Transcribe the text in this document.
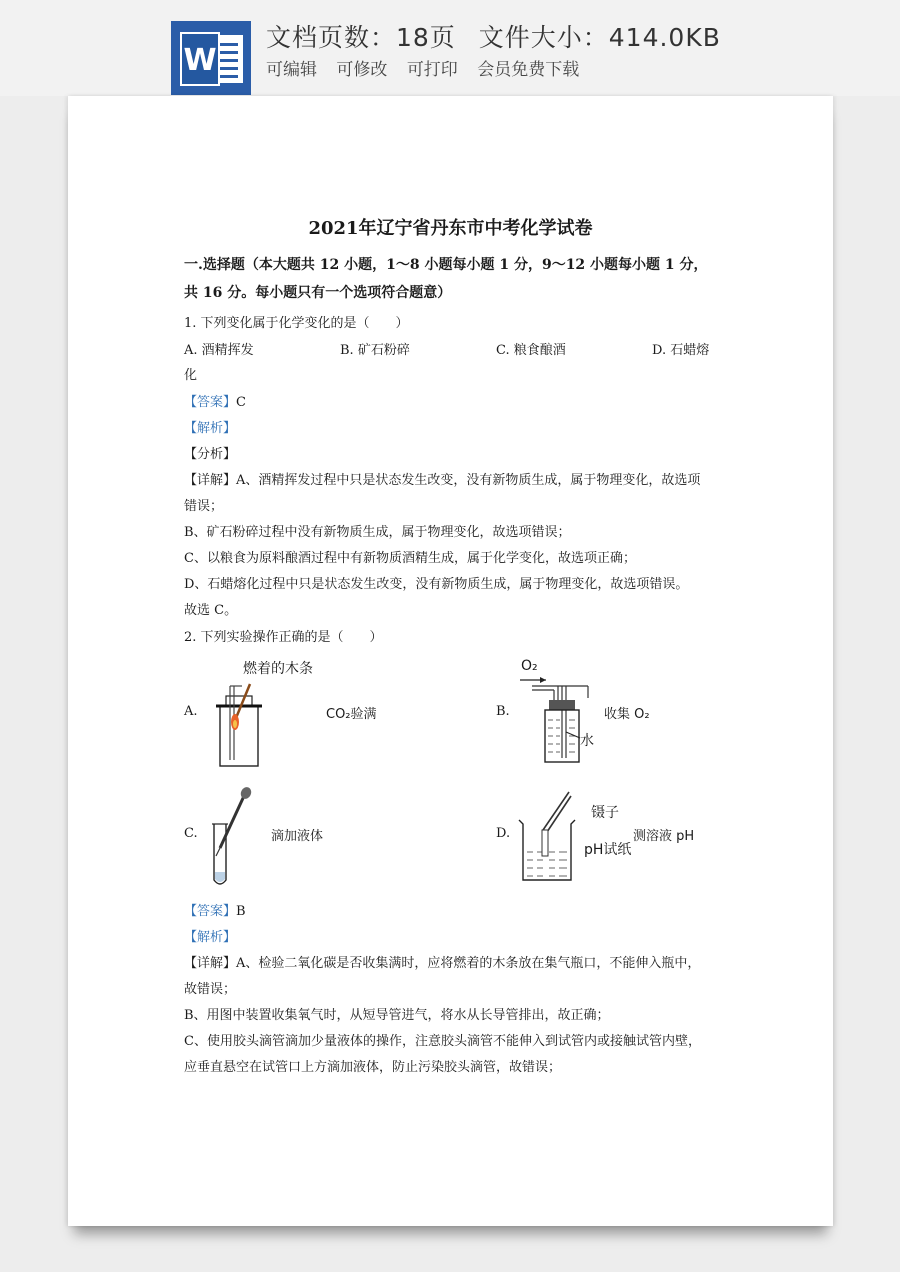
W
文档页数：18页 文件大小：414.0KB
可编辑 可修改 可打印 会员免费下载
2021年辽宁省丹东市中考化学试卷
一.选择题（本大题共 12 小题，1～8 小题每小题 1 分，9～12 小题每小题 1 分，
共 16 分。每小题只有一个选项符合题意）
1. 下列变化属于化学变化的是（　　）
A. 酒精挥发	B. 矿石粉碎	C. 粮食酿酒	D. 石蜡熔
化
【答案】C
【解析】
【分析】
【详解】A、酒精挥发过程中只是状态发生改变，没有新物质生成，属于物理变化，故选项
错误；
B、矿石粉碎过程中没有新物质生成，属于物理变化，故选项错误；
C、以粮食为原料酿酒过程中有新物质酒精生成，属于化学变化，故选项正确；
D、石蜡熔化过程中只是状态发生改变，没有新物质生成，属于物理变化，故选项错误。
故选 C。
2. 下列实验操作正确的是（　　）
A.
燃着的木条
CO₂验满	B.
O₂
水
收集 O₂
C.	滴加液体	D.
镊子
pH试纸
测溶液 pH
【答案】B
【解析】
【详解】A、检验二氧化碳是否收集满时，应将燃着的木条放在集气瓶口，不能伸入瓶中，
故错误；
B、用图中装置收集氧气时，从短导管进气，将水从长导管排出，故正确；
C、使用胶头滴管滴加少量液体的操作，注意胶头滴管不能伸入到试管内或接触试管内壁，
应垂直悬空在试管口上方滴加液体，防止污染胶头滴管，故错误；
